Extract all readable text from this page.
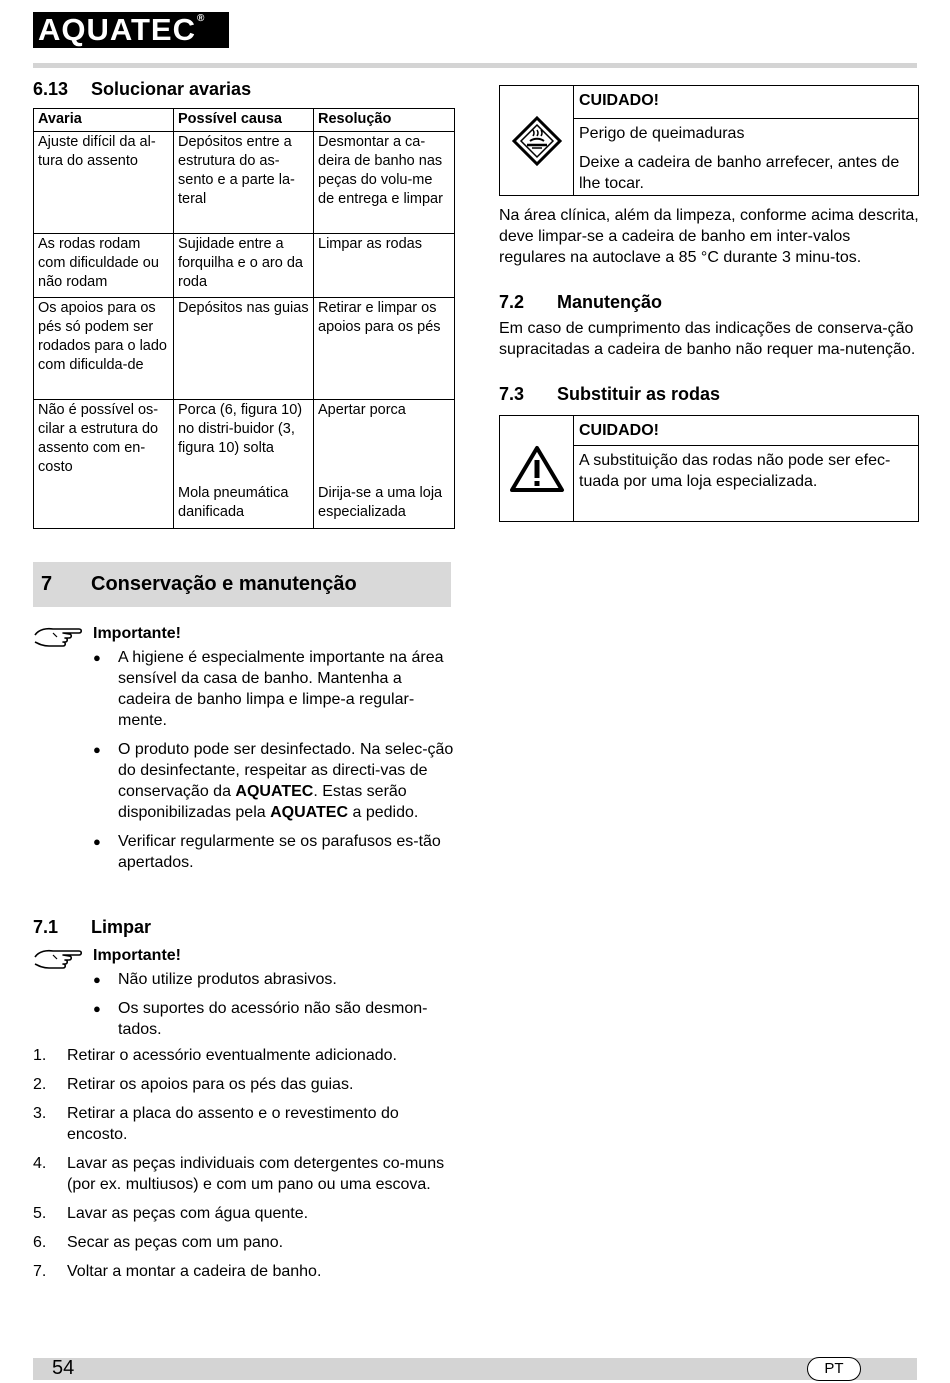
AQUATEC®
6.13	Solucionar avarias
Avaria	Possível causa	Resolução
Ajuste difícil da al-tura do assento	Depósitos entre a estrutura do as-sento e a parte la-teral	Desmontar a ca-deira de banho nas peças do volu-me de entrega e limpar
As rodas rodam com dificuldade ou não rodam	Sujidade entre a forquilha e o aro da roda	Limpar as rodas
Os apoios para os pés só podem ser rodados para o lado com dificulda-de	Depósitos nas guias	Retirar e limpar os apoios para os pés
Não é possível os-cilar a estrutura do assento com en-costo	Porca (6, figura 10) no distri-buidor (3, figura 10) solta	Apertar porca
	Mola pneumática danificada	Dirija-se a uma loja especializada
7	Conservação e manutenção
Importante!
● A higiene é especialmente importante na área sensível da casa de banho. Mantenha a cadeira de banho limpa e limpe-a regular-mente.
● O produto pode ser desinfectado. Na selec-ção do desinfectante, respeitar as directi-vas de conservação da AQUATEC. Estas serão disponibilizadas pela AQUATEC a pedido.
● Verificar regularmente se os parafusos es-tão apertados.
7.1	Limpar
Importante!
● Não utilize produtos abrasivos.
● Os suportes do acessório não são desmon-tados.
1. Retirar o acessório eventualmente adicionado.
2. Retirar os apoios para os pés das guias.
3. Retirar a placa do assento e o revestimento do encosto.
4. Lavar as peças individuais com detergentes co-muns (por ex. multiusos) e com um pano ou uma escova.
5. Lavar as peças com água quente.
6. Secar as peças com um pano.
7. Voltar a montar a cadeira de banho.
CUIDADO!
Perigo de queimaduras
Deixe a cadeira de banho arrefecer, antes de lhe tocar.

Na área clínica, além da limpeza, conforme acima descrita, deve limpar-se a cadeira de banho em inter-valos regulares na autoclave a 85 °C durante 3 minu-tos.

7.2	Manutenção

Em caso de cumprimento das indicações de conserva-ção supracitadas a cadeira de banho não requer ma-nutenção.

7.3	Substituir as rodas
CUIDADO!
A substituição das rodas não pode ser efec-tuada por uma loja especializada.
54	PT
